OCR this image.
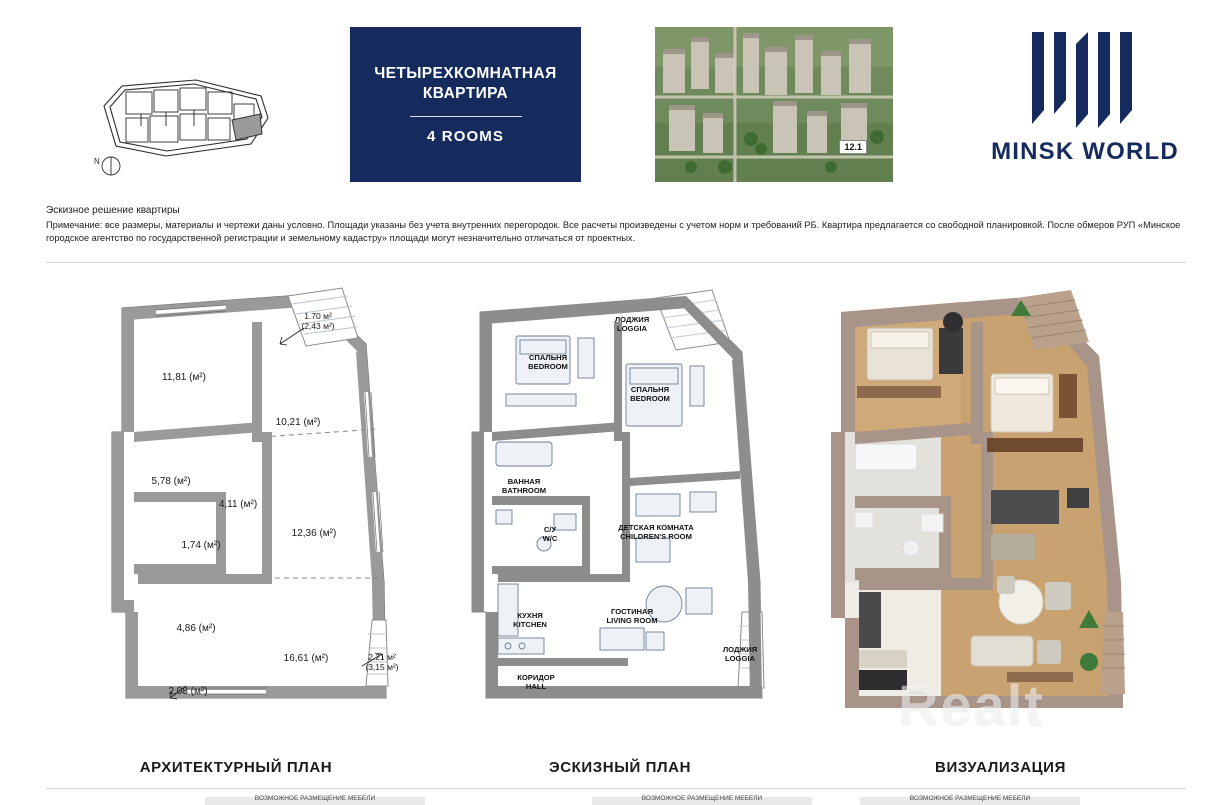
N
ЧЕТЫРЕХКОМНАТНАЯ
КВАРТИРА
4 ROOMS
12.1	MINSK WORLD
Эскизное решение квартиры
Примечание: все размеры, материалы и чертежи даны условно. Площади указаны без учета внутренних перегородок. Все расчеты произведены с учетом норм и требований РБ. Квартира предлагается со свободной планировкой. После обмеров РУП «Минское городское агентство по государственной регистрации и земельному кадастру» площади могут незначительно отличаться от проектных.
11,81 (м²)
10,21 (м²)
5,78 (м²)
4,11 (м²)
1,74 (м²)
12,36 (м²)
4,86 (м²)
16,61 (м²)
2,08 (м²)
1.70 м²
(2,43 м²)
2.21 м²
(3,15 м²)
АРХИТЕКТУРНЫЙ ПЛАН
ЛОДЖИЯ
LOGGIA
СПАЛЬНЯ
BEDROOM
СПАЛЬНЯ
BEDROOM
ВАННАЯ
BATHROOM
С/У
W/C
ДЕТСКАЯ КОМНАТА
CHILDREN'S ROOM
КУХНЯ
KITCHEN
ГОСТИНАЯ
LIVING ROOM
ЛОДЖИЯ
LOGGIA
КОРИДОР
HALL
ЭСКИЗНЫЙ ПЛАН	ВИЗУАЛИЗАЦИЯ
Realt
ВОЗМОЖНОЕ РАЗМЕЩЕНИЕ МЕБЕЛИ	ВОЗМОЖНОЕ РАЗМЕЩЕНИЕ МЕБЕЛИ	ВОЗМОЖНОЕ РАЗМЕЩЕНИЕ МЕБЕЛИ
